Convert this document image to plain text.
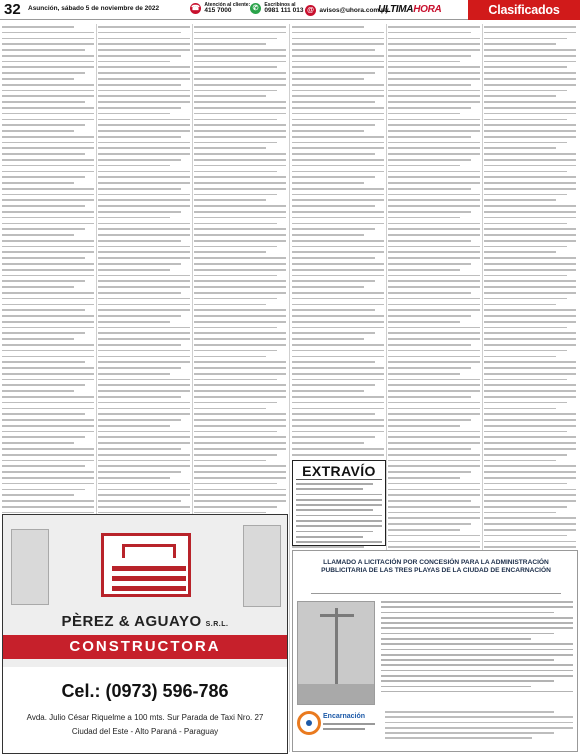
32 Asunción, sábado 5 de noviembre de 2022	☎ Atención al cliente:
415 7000	✆ Escribinos al
0981 111 013 @ avisos@uhora.com.py
ULTIMAHORA	Clasificados
PÈREZ & AGUAYO S.R.L.
CONSTRUCTORA
Cel.: (0973) 596-786
Avda. Julio César Riquelme a 100 mts. Sur Parada de Taxi Nro. 27
Ciudad del Este - Alto Paraná - Paraguay
EXTRAVÍO
LLAMADO A LICITACIÓN POR CONCESIÓN PARA LA ADMINISTRACIÓN PUBLICITARIA DE LAS TRES PLAYAS DE LA CIUDAD DE ENCARNACIÓN
Encarnación
